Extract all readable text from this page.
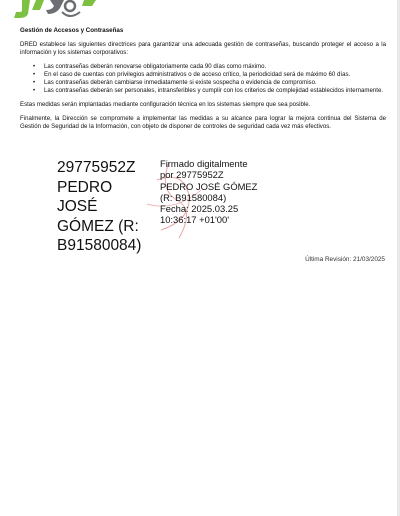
Gestión de Accesos y Contraseñas
DRED establece las siguientes directrices para garantizar una adecuada gestión de contraseñas, buscando proteger el acceso a la información y los sistemas corporativos:
• Las contraseñas deberán renovarse obligatoriamente cada 90 días como máximo.
• En el caso de cuentas con privilegios administrativos o de acceso crítico, la periodicidad será de máximo 60 días.
• Las contraseñas deberán cambiarse inmediatamente si existe sospecha o evidencia de compromiso.
• Las contraseñas deberán ser personales, intransferibles y cumplir con los criterios de complejidad establecidos internamente.
Estas medidas serán implantadas mediante configuración técnica en los sistemas siempre que sea posible.
Finalmente, la Dirección se compromete a implementar las medidas a su alcance para lograr la mejora continua del Sistema de Gestión de Seguridad de la Información, con objeto de disponer de controles de seguridad cada vez más efectivos.
29775952Z
PEDRO JOSÉ
GÓMEZ (R:
B91580084)
Firmado digitalmente
por 29775952Z
PEDRO JOSÉ GÓMEZ
(R: B91580084)
Fecha: 2025.03.25
10:36:17 +01'00'
Última Revisión: 21/03/2025
